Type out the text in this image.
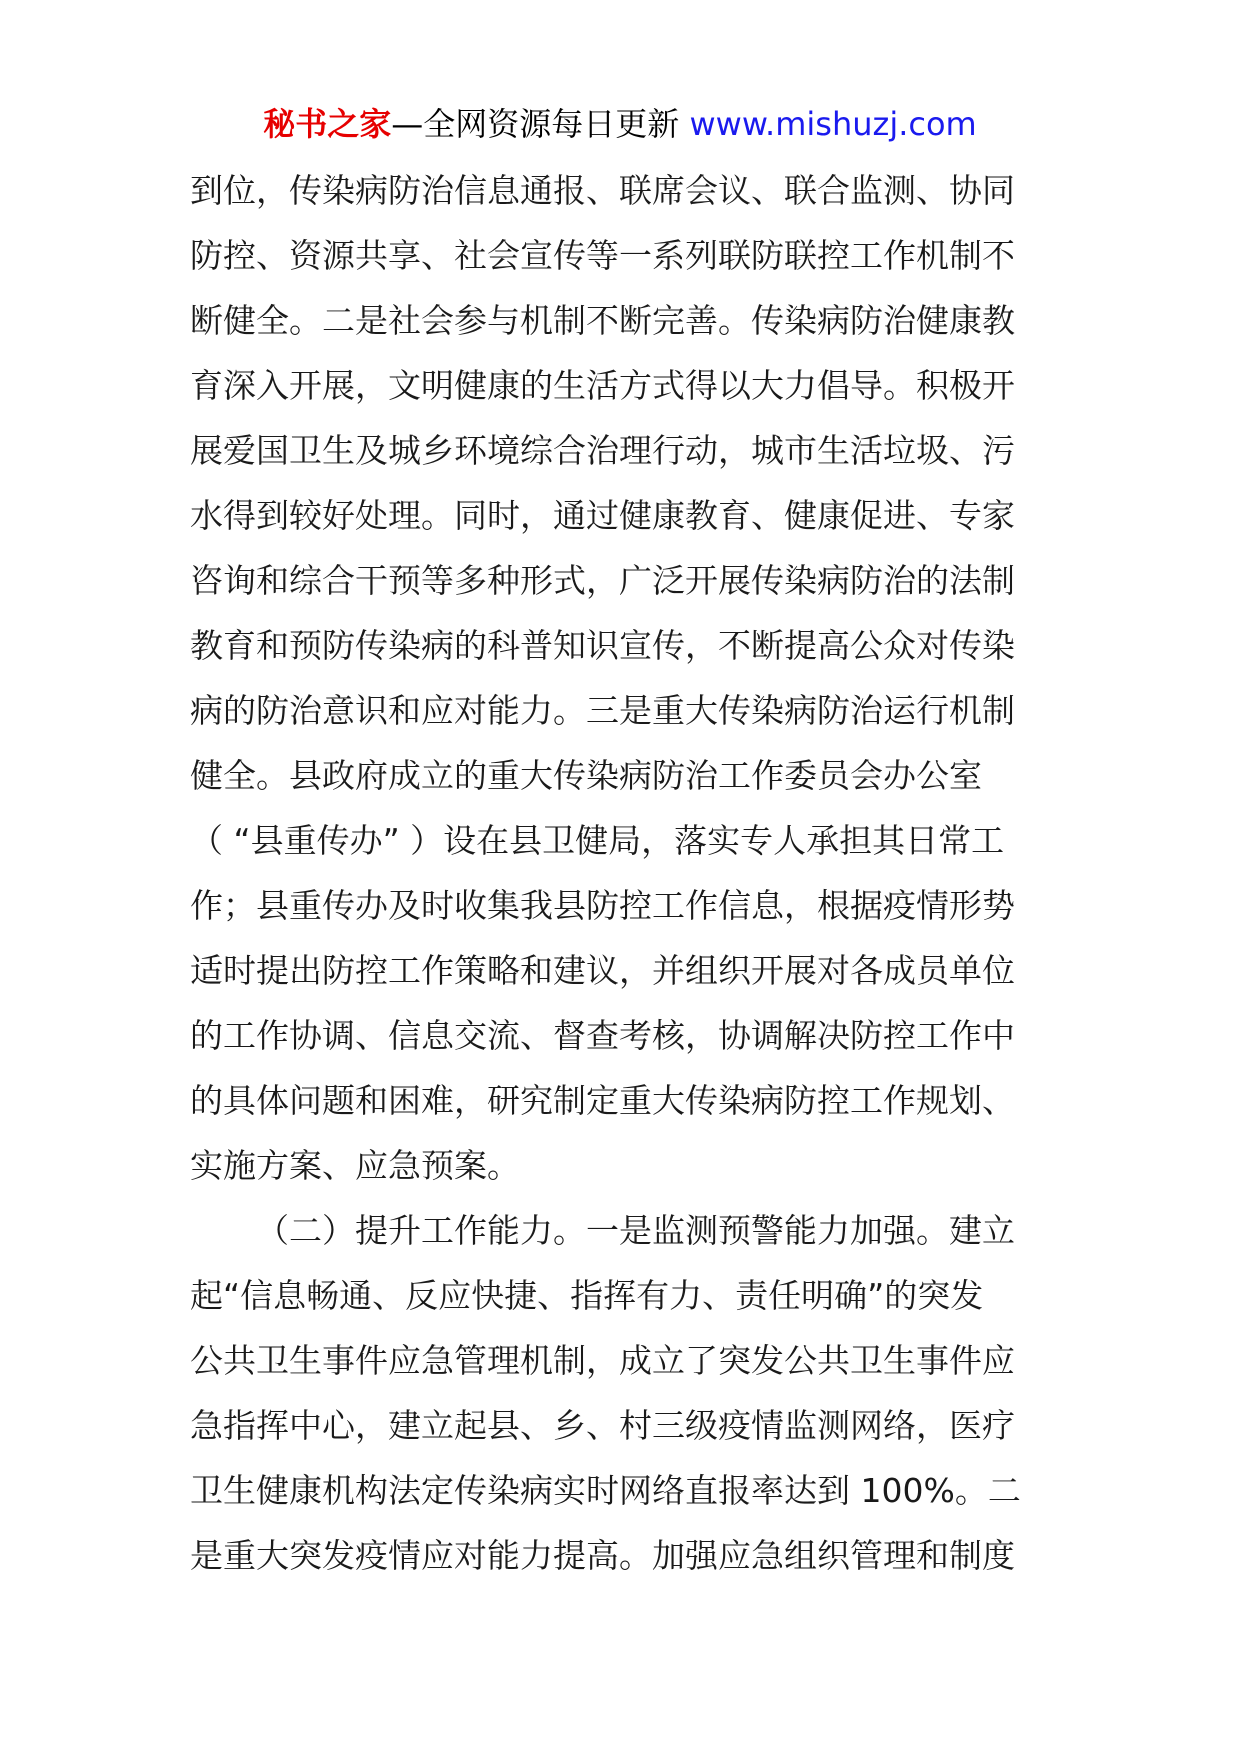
秘书之家—全网资源每日更新 www.mishuzj.com
到位，传染病防治信息通报、联席会议、联合监测、协同
防控、资源共享、社会宣传等一系列联防联控工作机制不
断健全。二是社会参与机制不断完善。传染病防治健康教
育深入开展，文明健康的生活方式得以大力倡导。积极开
展爱国卫生及城乡环境综合治理行动，城市生活垃圾、污
水得到较好处理。同时，通过健康教育、健康促进、专家
咨询和综合干预等多种形式，广泛开展传染病防治的法制
教育和预防传染病的科普知识宣传，不断提高公众对传染
病的防治意识和应对能力。三是重大传染病防治运行机制
健全。县政府成立的重大传染病防治工作委员会办公室
（ “县重传办” ）设在县卫健局，落实专人承担其日常工
作；县重传办及时收集我县防控工作信息，根据疫情形势
适时提出防控工作策略和建议，并组织开展对各成员单位
的工作协调、信息交流、督查考核，协调解决防控工作中
的具体问题和困难，研究制定重大传染病防控工作规划、
实施方案、应急预案。
（二）提升工作能力。一是监测预警能力加强。建立
起“信息畅通、反应快捷、指挥有力、责任明确”的突发
公共卫生事件应急管理机制，成立了突发公共卫生事件应
急指挥中心，建立起县、乡、村三级疫情监测网络，医疗
卫生健康机构法定传染病实时网络直报率达到 100%。二
是重大突发疫情应对能力提高。加强应急组织管理和制度
